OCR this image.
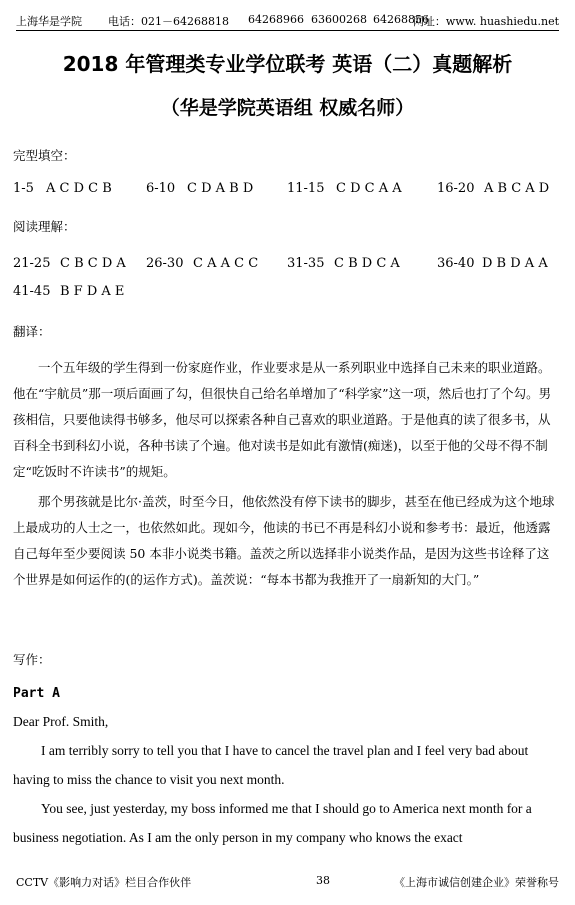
上海华是学院 电话：021－64268818 64268966 63600268 64268856
网址：www. huashiedu.net
2018 年管理类专业学位联考 英语（二）真题解析
（华是学院英语组 权威名师）
完型填空：
1-5 A C D C B	6-10 C D A B D	11-15 C D C A A	16-20 A B C A D
阅读理解：
21-25 C B C D A 26-30 C A A C C 31-35 C B D C A	36-40 D B D A A
41-45 B F D A E
翻译：
一个五年级的学生得到一份家庭作业，作业要求是从一系列职业中选择自己未来的职业道路。他在“宇航员”那一项后面画了勾，但很快自己给名单增加了“科学家”这一项，然后也打了个勾。男孩相信，只要他读得书够多，他尽可以探索各种自己喜欢的职业道路。于是他真的读了很多书，从百科全书到科幻小说，各种书读了个遍。他对读书是如此有激情(痴迷)，以至于他的父母不得不制定“吃饭时不许读书”的规矩。
那个男孩就是比尔·盖茨，时至今日，他依然没有停下读书的脚步，甚至在他已经成为这个地球上最成功的人士之一，也依然如此。现如今，他读的书已不再是科幻小说和参考书：最近，他透露自己每年至少要阅读 50 本非小说类书籍。盖茨之所以选择非小说类作品，是因为这些书诠释了这个世界是如何运作的(的运作方式)。盖茨说：“每本书都为我推开了一扇新知的大门。”
写作：
Part A
Dear Prof. Smith,
I am terribly sorry to tell you that I have to cancel the travel plan and I feel very bad about having to miss the chance to visit you next month.
You see, just yesterday, my boss informed me that I should go to America next month for a business negotiation. As I am the only person in my company who knows the exact
CCTV《影响力对话》栏目合作伙伴	38	《上海市诚信创建企业》荣誉称号
